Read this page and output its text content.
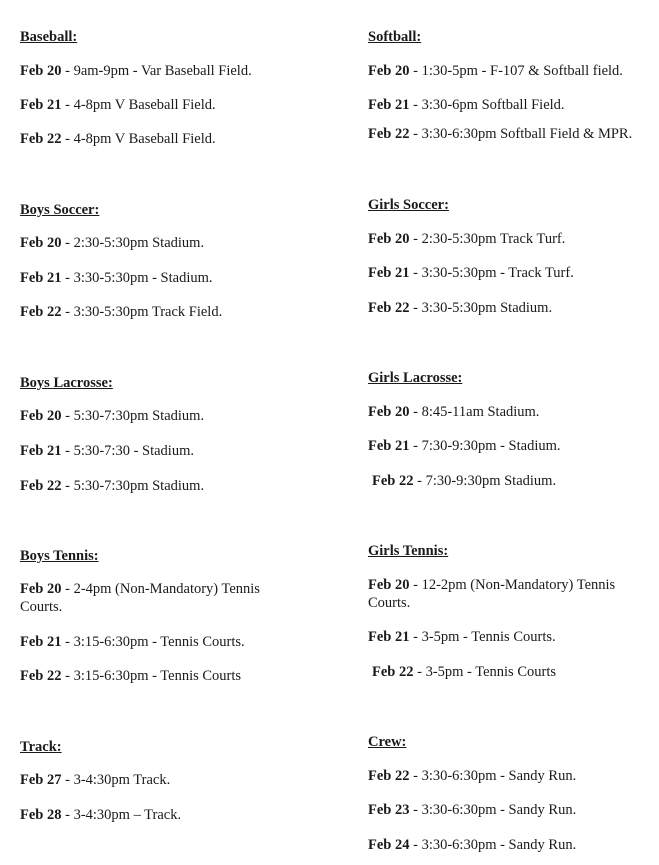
Baseball:

Feb 20 - 9am-9pm - Var Baseball Field.

Feb 21 - 4-8pm V Baseball Field.

Feb 22 - 4-8pm V Baseball Field.

Boys Soccer:

Feb 20 - 2:30-5:30pm Stadium.

Feb 21 - 3:30-5:30pm - Stadium.

Feb 22 - 3:30-5:30pm Track Field.

Boys Lacrosse:

Feb 20 - 5:30-7:30pm Stadium.

Feb 21 - 5:30-7:30 - Stadium.

Feb 22 - 5:30-7:30pm Stadium.

Boys Tennis:

Feb 20 - 2-4pm (Non-Mandatory) Tennis Courts.

Feb 21 - 3:15-6:30pm - Tennis Courts.

Feb 22 - 3:15-6:30pm - Tennis Courts

Track:

Feb 27 - 3-4:30pm Track.

Feb 28 - 3-4:30pm – Track.

Softball:

Feb 20 - 1:30-5pm - F-107 & Softball field.

Feb 21 - 3:30-6pm Softball Field.

Feb 22 - 3:30-6:30pm Softball Field & MPR.

Girls Soccer:

Feb 20 - 2:30-5:30pm Track Turf.

Feb 21 - 3:30-5:30pm - Track Turf.

Feb 22 - 3:30-5:30pm Stadium.

Girls Lacrosse:

Feb 20 - 8:45-11am Stadium.

Feb 21 - 7:30-9:30pm - Stadium.

Feb 22 - 7:30-9:30pm Stadium.

Girls Tennis:

Feb 20 - 12-2pm (Non-Mandatory) Tennis Courts.

Feb 21 - 3-5pm - Tennis Courts.

Feb 22 - 3-5pm - Tennis Courts

Crew:

Feb 22 - 3:30-6:30pm - Sandy Run.

Feb 23 - 3:30-6:30pm - Sandy Run.

Feb 24 - 3:30-6:30pm - Sandy Run.
